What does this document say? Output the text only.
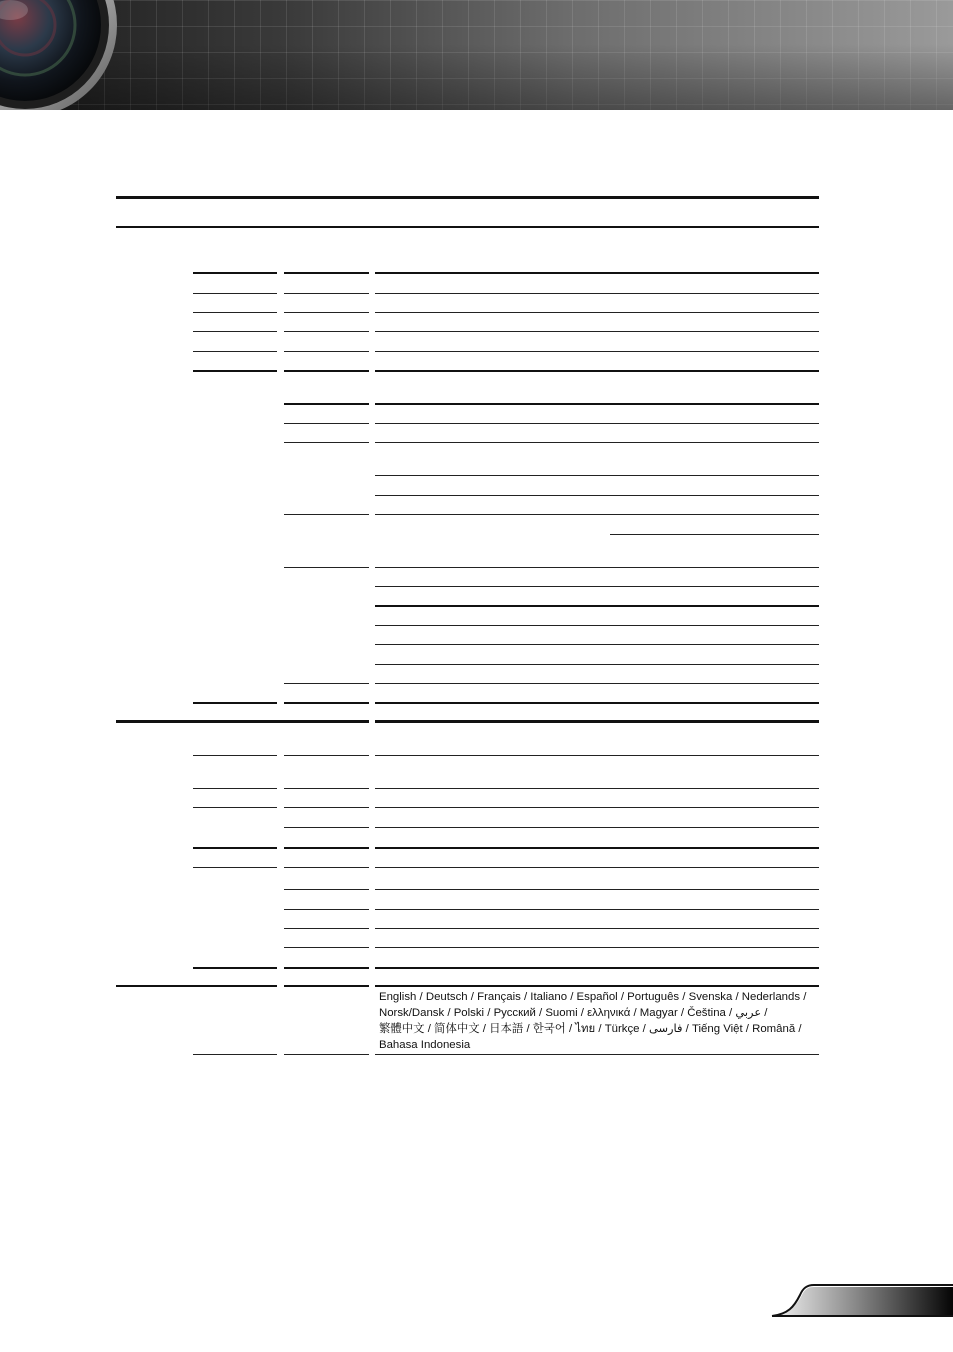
English / Deutsch / Français / Italiano / Español / Português / Svenska / Nederlands /
Norsk/Dansk / Polski / Русский / Suomi / ελληνικά / Magyar / Čeština / عربي /
繁體中文 / 简体中文 / 日本語 / 한국어 / ไทย / Türkçe / فارسی / Tiếng Việt / Română /
Bahasa Indonesia
